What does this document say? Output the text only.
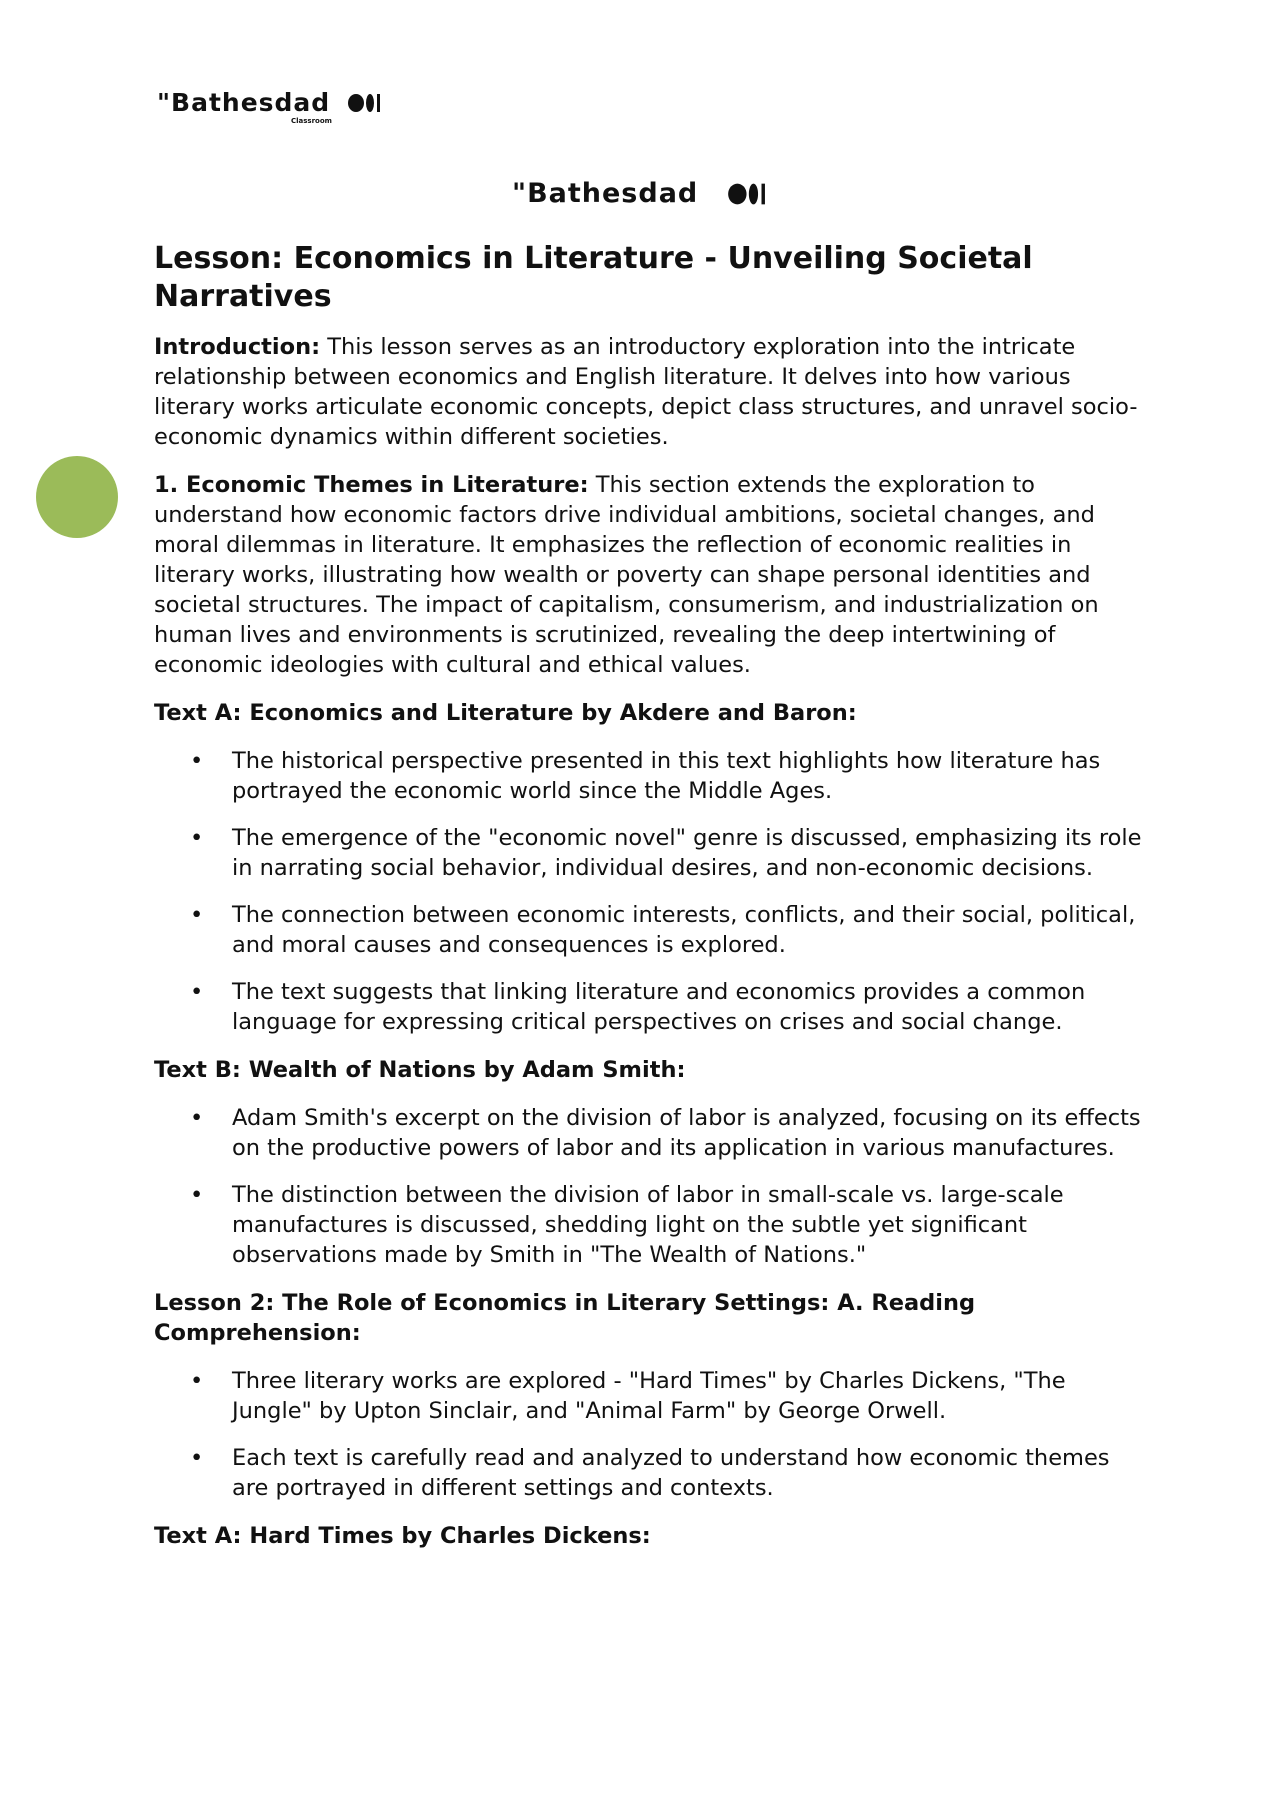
"Bathesdad
Classroom
"Bathesdad
Lesson: Economics in Literature - Unveiling Societal Narratives

Introduction: This lesson serves as an introductory exploration into the intricate relationship between economics and English literature. It delves into how various literary works articulate economic concepts, depict class structures, and unravel socio-economic dynamics within different societies.

1. Economic Themes in Literature: This section extends the exploration to understand how economic factors drive individual ambitions, societal changes, and moral dilemmas in literature. It emphasizes the reflection of economic realities in literary works, illustrating how wealth or poverty can shape personal identities and societal structures. The impact of capitalism, consumerism, and industrialization on human lives and environments is scrutinized, revealing the deep intertwining of economic ideologies with cultural and ethical values.

Text A: Economics and Literature by Akdere and Baron:
• The historical perspective presented in this text highlights how literature has portrayed the economic world since the Middle Ages.
• The emergence of the "economic novel" genre is discussed, emphasizing its role in narrating social behavior, individual desires, and non-economic decisions.
• The connection between economic interests, conflicts, and their social, political, and moral causes and consequences is explored.
• The text suggests that linking literature and economics provides a common language for expressing critical perspectives on crises and social change.
Text B: Wealth of Nations by Adam Smith:
• Adam Smith's excerpt on the division of labor is analyzed, focusing on its effects on the productive powers of labor and its application in various manufactures.
• The distinction between the division of labor in small-scale vs. large-scale manufactures is discussed, shedding light on the subtle yet significant observations made by Smith in "The Wealth of Nations."
Lesson 2: The Role of Economics in Literary Settings: A. Reading Comprehension:
• Three literary works are explored - "Hard Times" by Charles Dickens, "The Jungle" by Upton Sinclair, and "Animal Farm" by George Orwell.
• Each text is carefully read and analyzed to understand how economic themes are portrayed in different settings and contexts.
Text A: Hard Times by Charles Dickens:
